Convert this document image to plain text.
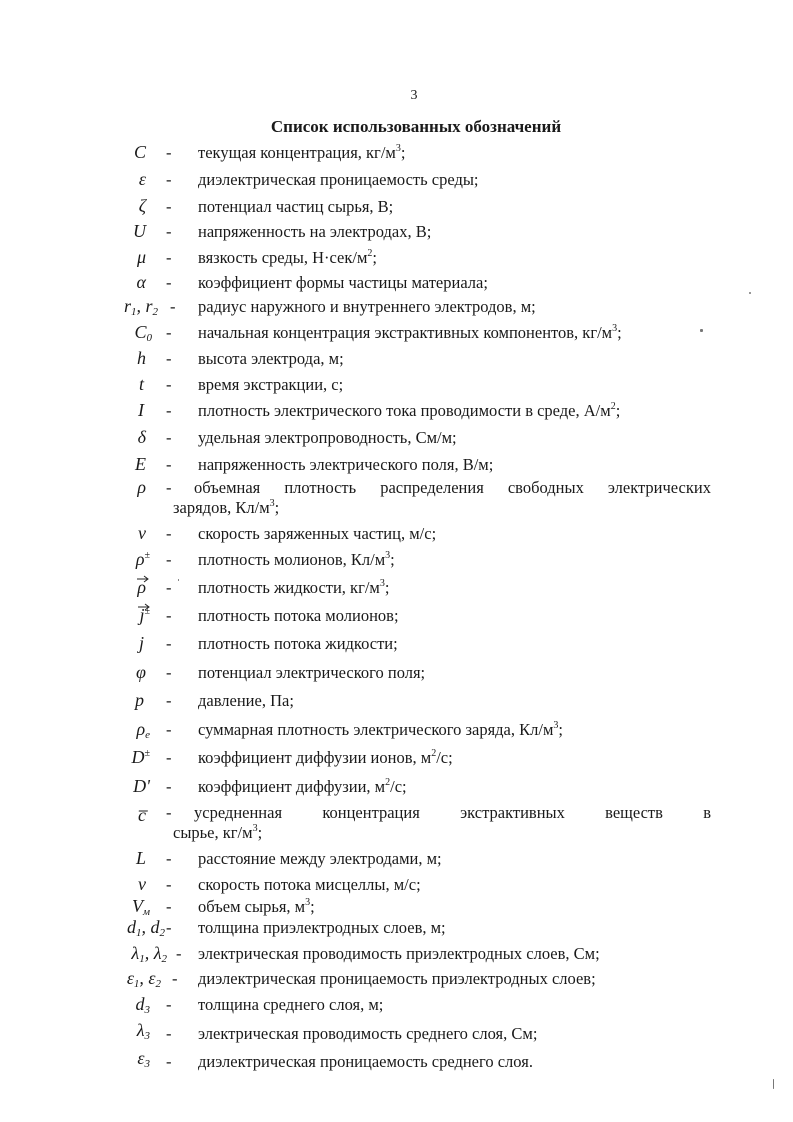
3
Список использованных обозначений
C - текущая концентрация, $кг/м^3$;
ε - диэлектрическая проницаемость среды;
ζ - потенциал частиц сырья, В;
U - напряженность на электродах, В;
μ - вязкость среды, $Н\cdot сек/м^2$;
α - коэффициент формы частицы материала;
$r_1$, $r_2$ - радиус наружного и внутреннего электродов, м;
$C_0$ - начальная концентрация экстрактивных компонентов, $кг/м^3$;
h - высота электрода, м;
t - время экстракции, с;
I - плотность электрического тока проводимости в среде, $А/м^2$;
δ - удельная электропроводность, См/м;
E - напряженность электрического поля, В/м;
ρ - объемная плотность распределения свободных электрических
зарядов, $Кл/м^3$;
v - скорость заряженных частиц, м/с;
ρ± - плотность молионов, $Кл/м^3$;
ρ - плотность жидкости, $кг/м^3$;
j± - плотность потока молионов;
j - плотность потока жидкости;
φ - потенциал электрического поля;
p - давление, Па;
$\rho_e$ - суммарная плотность электрического заряда, $Кл/м^3$;
D± - коэффициент диффузии ионов, $м^2/с$;
D' - коэффициент диффузии, $м^2/с$;
c̅ - усредненная концентрация экстрактивных веществ в
сырье, $кг/м^3$;
L - расстояние между электродами, м;
v - скорость потока мисцеллы, м/с;
$V_м$ - объем сырья, $м^3$;
$d_1$, $d_2$ - толщина приэлектродных слоев, м;
$\lambda_1$, $\lambda_2$ - электрическая проводимость приэлектродных слоев, См;
$\varepsilon_1$, $\varepsilon_2$ - диэлектрическая проницаемость приэлектродных слоев;
$d_3$ - толщина среднего слоя, м;
$\lambda_3$ - электрическая проводимость среднего слоя, См;
$\varepsilon_3$ - диэлектрическая проницаемость среднего слоя.
